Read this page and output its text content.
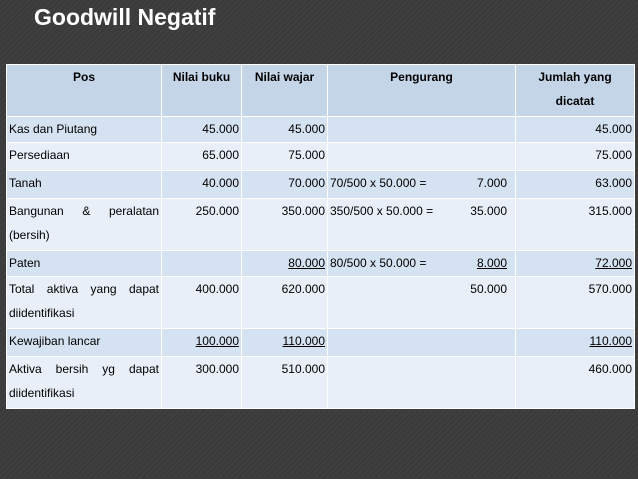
Goodwill Negatif
Pos	Nilai buku	Nilai wajar	Pengurang	Jumlah yang dicatat
Kas dan Piutang	45.000	45.000		45.000
Persediaan	65.000	75.000		75.000
Tanah	40.000	70.000	70/500 x 50.000 = 7.000	63.000
Bangunan & peralatan (bersih)	250.000	350.000	350/500 x 50.000 = 35.000	315.000
Paten		80.000	80/500 x 50.000 = 8.000	72.000
Total aktiva yang dapat diidentifikasi	400.000	620.000	50.000	570.000
Kewajiban lancar	100.000	110.000		110.000
Aktiva bersih yg dapat diidentifikasi	300.000	510.000		460.000
